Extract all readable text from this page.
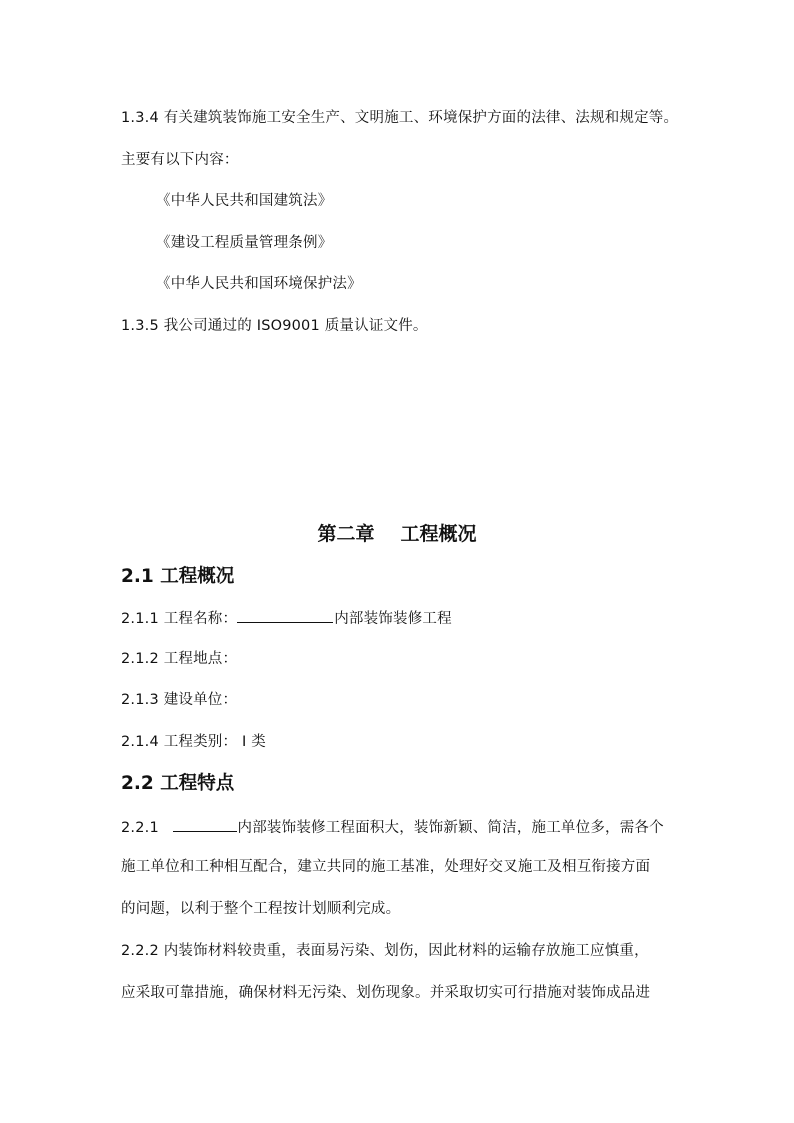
1.3.4 有关建筑装饰施工安全生产、文明施工、环境保护方面的法律、法规和规定等。
主要有以下内容：
《中华人民共和国建筑法》
《建设工程质量管理条例》
《中华人民共和国环境保护法》
1.3.5 我公司通过的 ISO9001 质量认证文件。
第二章 工程概况
2.1 工程概况
2.1.1 工程名称：	内部装饰装修工程
2.1.2 工程地点：
2.1.3 建设单位：
2.1.4 工程类别： I 类
2.2 工程特点
2.2.1	内部装饰装修工程面积大，装饰新颖、简洁，施工单位多，需各个
施工单位和工种相互配合，建立共同的施工基准，处理好交叉施工及相互衔接方面
的问题，以利于整个工程按计划顺利完成。
2.2.2 内装饰材料较贵重，表面易污染、划伤，因此材料的运输存放施工应慎重，
应采取可靠措施，确保材料无污染、划伤现象。并采取切实可行措施对装饰成品进
